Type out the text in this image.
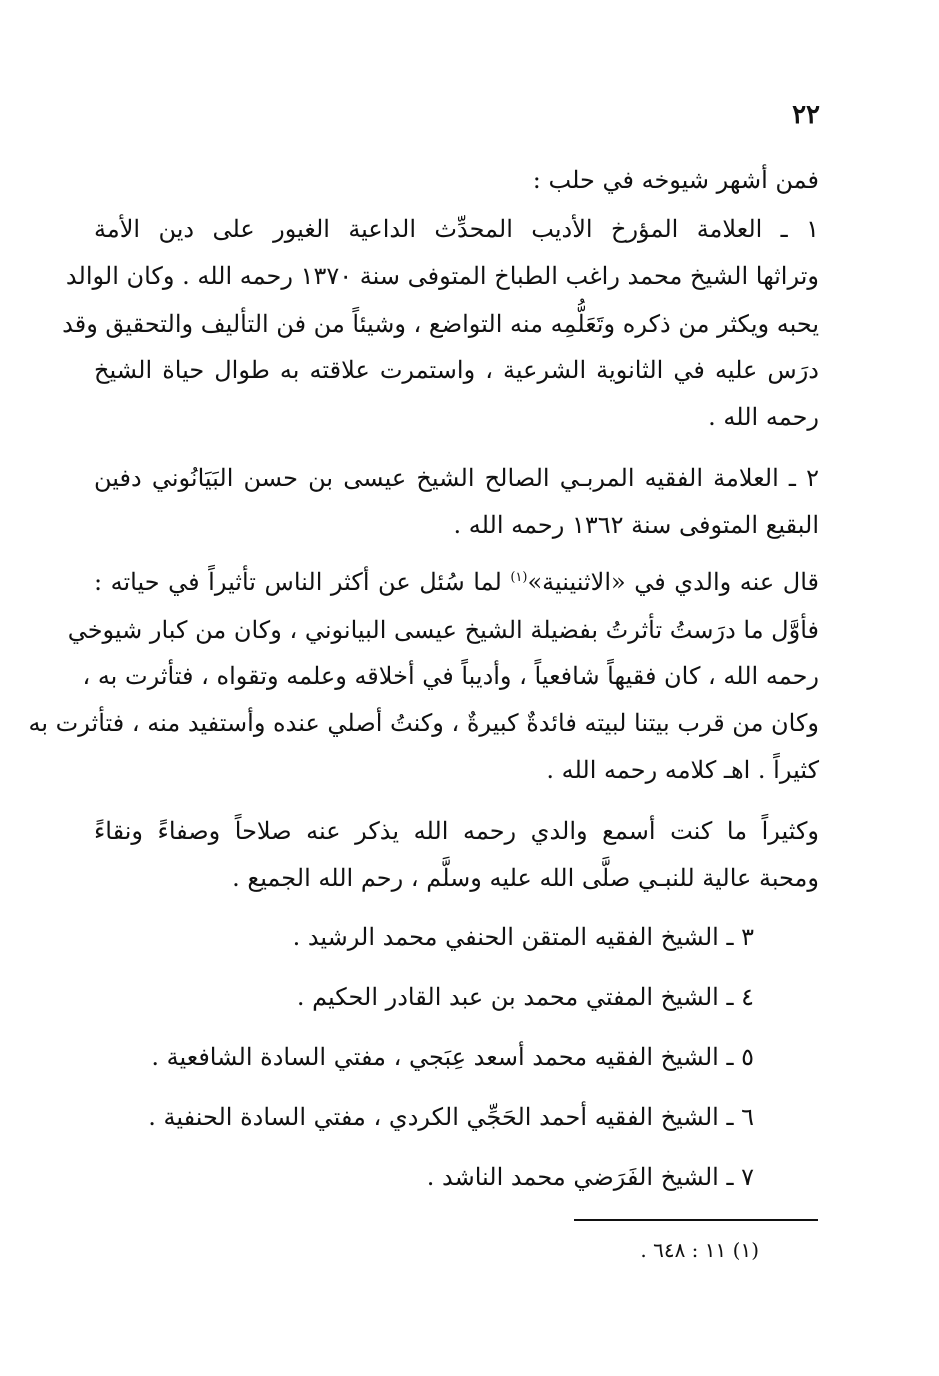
٢٢
فمن أشهر شيوخه في حلب :
١ ـ العلامة المؤرخ الأديب المحدِّث الداعية الغيور على دين الأمة
وتراثها الشيخ محمد راغب الطباخ المتوفى سنة ١٣٧٠ رحمه الله . وكان الوالد
يحبه ويكثر من ذكره وتَعَلُّمِه منه التواضع ، وشيئاً من فن التأليف والتحقيق وقد
درَس عليه في الثانوية الشرعية ، واستمرت علاقته به طوال حياة الشيخ
رحمه الله .
٢ ـ العلامة الفقيه المربـي الصالح الشيخ عيسى بن حسن البَيَانُوني دفين
البقيع المتوفى سنة ١٣٦٢ رحمه الله .
قال عنه والدي في «الاثنينية»$^{(١)}$ لما سُئل عن أكثر الناس تأثيراً في حياته :
فأوَّل ما درَستُ تأثرتُ بفضيلة الشيخ عيسى البيانوني ، وكان من كبار شيوخي
رحمه الله ، كان فقيهاً شافعياً ، وأديباً في أخلاقه وعلمه وتقواه ، فتأثرت به ،
وكان من قرب بيتنا لبيته فائدةٌ كبيرةٌ ، وكنتُ أصلي عنده وأستفيد منه ، فتأثرت به
كثيراً . اهـ كلامه رحمه الله .
وكثيراً ما كنت أسمع والدي رحمه الله يذكر عنه صلاحاً وصفاءً ونقاءً
ومحبة عالية للنبـي صلَّى الله عليه وسلَّم ، رحم الله الجميع .
٣ ـ الشيخ الفقيه المتقن الحنفي محمد الرشيد .
٤ ـ الشيخ المفتي محمد بن عبد القادر الحكيم .
٥ ـ الشيخ الفقيه محمد أسعد عِبَجي ، مفتي السادة الشافعية .
٦ ـ الشيخ الفقيه أحمد الحَجِّي الكردي ، مفتي السادة الحنفية .
٧ ـ الشيخ الفَرَضي محمد الناشد .
(١) ١١ : ٦٤٨ .
